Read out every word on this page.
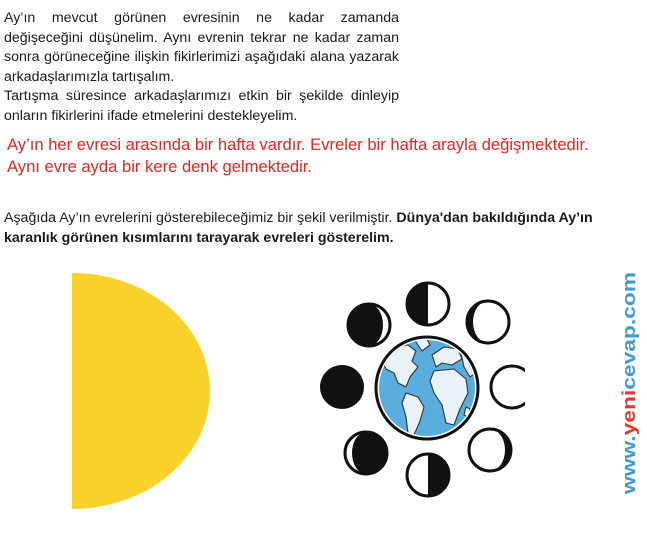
Ay’ın mevcut görünen evresinin ne kadar zamanda değişeceğini düşünelim. Aynı evrenin tekrar ne kadar zaman sonra görüneceğine ilişkin fikirlerimizi aşağıdaki alana yazarak arkadaşlarımızla tartışalım.
Tartışma süresince arkadaşlarımızı etkin bir şekilde dinleyip onların fikirlerini ifade etmelerini destekleyelim.
Ay’ın her evresi arasında bir hafta vardır. Evreler bir hafta arayla değişmektedir.
Aynı evre ayda bir kere denk gelmektedir.
Aşağıda Ay’ın evrelerini gösterebileceğimiz bir şekil verilmiştir. Dünya'dan bakıldığında Ay’ın karanlık görünen kısımlarını tarayarak evreleri gösterelim.
www.yenicevap.com
